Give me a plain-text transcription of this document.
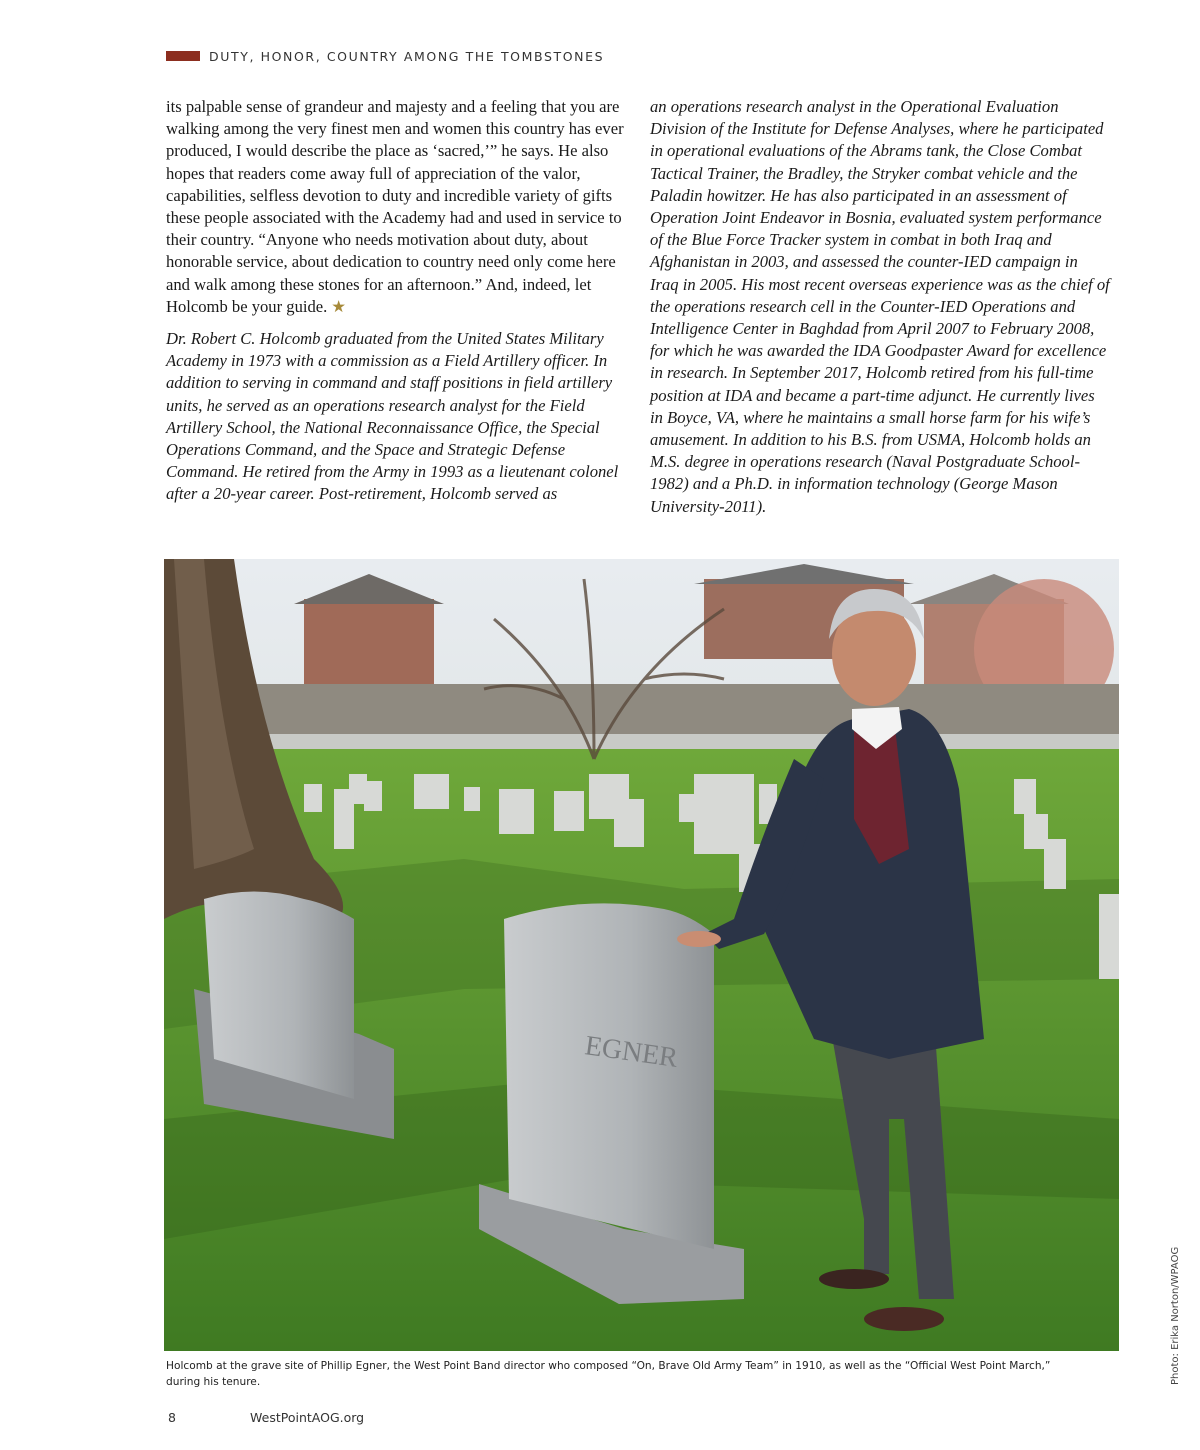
DUTY, HONOR, COUNTRY AMONG THE TOMBSTONES

its palpable sense of grandeur and majesty and a feeling that you are walking among the very finest men and women this country has ever produced, I would describe the place as ‘sacred,’” he says. He also hopes that readers come away full of appreciation of the valor, capabilities, selfless devotion to duty and incredible variety of gifts these people associated with the Academy had and used in service to their country. “Anyone who needs motivation about duty, about honorable service, about dedication to country need only come here and walk among these stones for an afternoon.” And, indeed, let Holcomb be your guide. ★

Dr. Robert C. Holcomb graduated from the United States Military Academy in 1973 with a commission as a Field Artillery officer. In addition to serving in command and staff positions in field artillery units, he served as an operations research analyst for the Field Artillery School, the National Reconnaissance Office, the Special Operations Command, and the Space and Strategic Defense Command. He retired from the Army in 1993 as a lieutenant colonel after a 20-year career. Post-retirement, Holcomb served as

an operations research analyst in the Operational Evaluation Division of the Institute for Defense Analyses, where he participated in operational evaluations of the Abrams tank, the Close Combat Tactical Trainer, the Bradley, the Stryker combat vehicle and the Paladin howitzer. He has also participated in an assessment of Operation Joint Endeavor in Bosnia, evaluated system performance of the Blue Force Tracker system in combat in both Iraq and Afghanistan in 2003, and assessed the counter-IED campaign in Iraq in 2005. His most recent overseas experience was as the chief of the operations research cell in the Counter-IED Operations and Intelligence Center in Baghdad from April 2007 to February 2008, for which he was awarded the IDA Goodpaster Award for excellence in research. In September 2017, Holcomb retired from his full-time position at IDA and became a part-time adjunct. He currently lives in Boyce, VA, where he maintains a small horse farm for his wife’s amusement. In addition to his B.S. from USMA, Holcomb holds an M.S. degree in operations research (Naval Postgraduate School-1982) and a Ph.D. in information technology (George Mason University-2011).

EGNER
Holcomb at the grave site of Phillip Egner, the West Point Band director who composed “On, Brave Old Army Team” in 1910, as well as the “Official West Point March,” during his tenure.	Photo: Erika Norton/WPAOG
8	WestPointAOG.org
